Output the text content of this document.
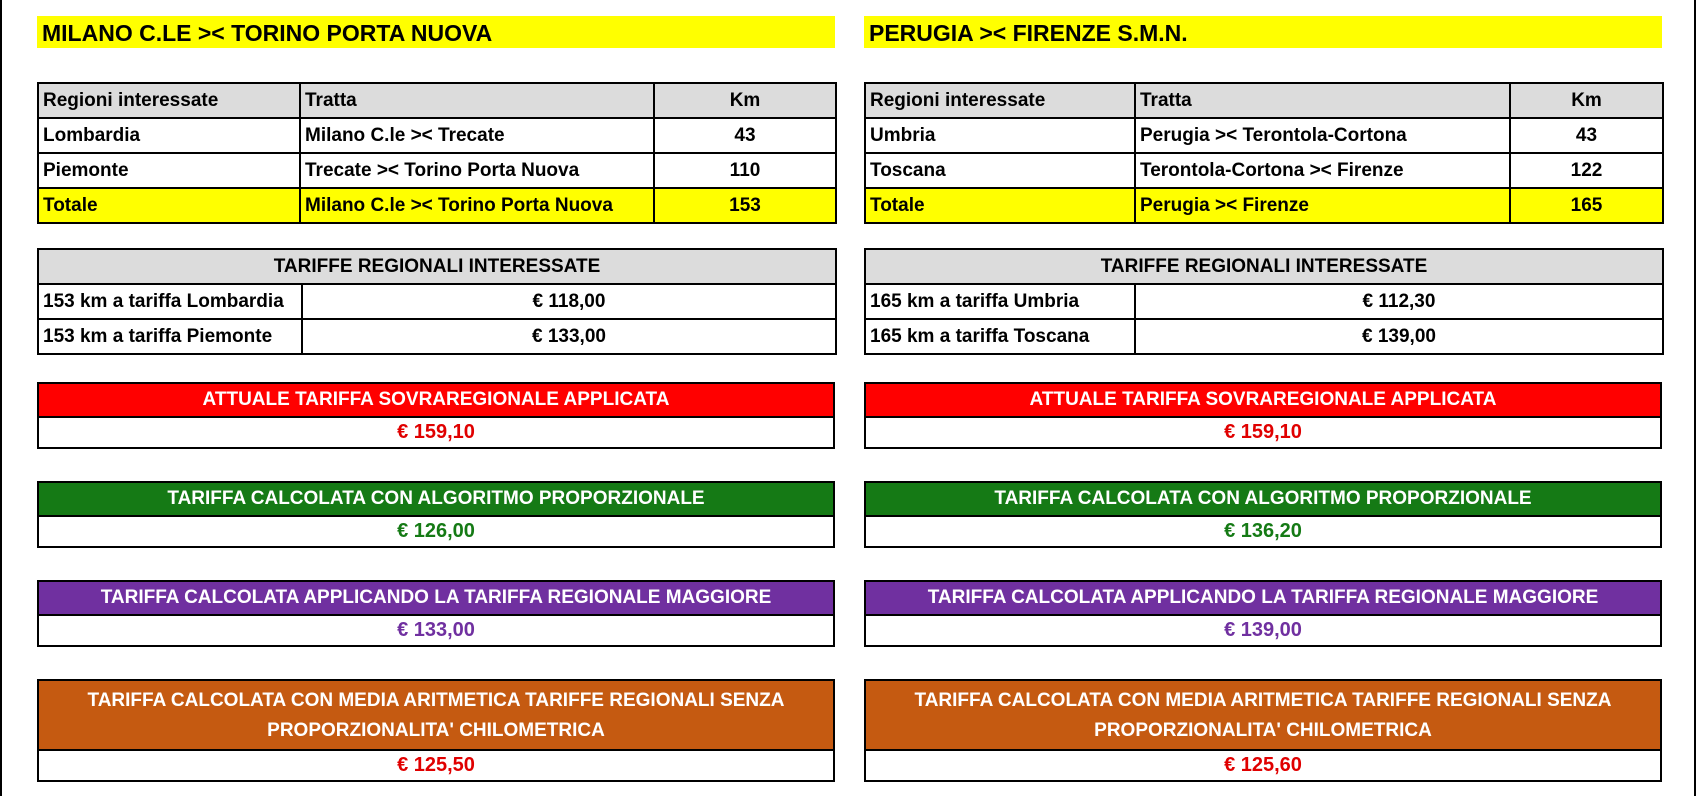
MILANO C.LE >< TORINO PORTA NUOVA
Regioni interessate	Tratta	Km
Lombardia	Milano C.le >< Trecate	43
Piemonte	Trecate >< Torino Porta Nuova	110
Totale	Milano C.le >< Torino Porta Nuova	153
TARIFFE REGIONALI INTERESSATE	
153 km a tariffa Lombardia	€ 118,00
153 km a tariffa Piemonte	€ 133,00
ATTUALE TARIFFA SOVRAREGIONALE APPLICATA
€ 159,10
TARIFFA CALCOLATA CON ALGORITMO PROPORZIONALE
€ 126,00
TARIFFA CALCOLATA APPLICANDO LA TARIFFA REGIONALE MAGGIORE
€ 133,00
TARIFFA CALCOLATA CON MEDIA ARITMETICA TARIFFE REGIONALI SENZA PROPORZIONALITA' CHILOMETRICA
€ 125,50
PERUGIA >< FIRENZE S.M.N.
Regioni interessate	Tratta	Km
Umbria	Perugia >< Terontola-Cortona	43
Toscana	Terontola-Cortona >< Firenze	122
Totale	Perugia >< Firenze	165
TARIFFE REGIONALI INTERESSATE	
165 km a tariffa Umbria	€ 112,30
165 km a tariffa Toscana	€ 139,00
ATTUALE TARIFFA SOVRAREGIONALE APPLICATA
€ 159,10
TARIFFA CALCOLATA CON ALGORITMO PROPORZIONALE
€ 136,20
TARIFFA CALCOLATA APPLICANDO LA TARIFFA REGIONALE MAGGIORE
€ 139,00
TARIFFA CALCOLATA CON MEDIA ARITMETICA TARIFFE REGIONALI SENZA PROPORZIONALITA' CHILOMETRICA
€ 125,60
